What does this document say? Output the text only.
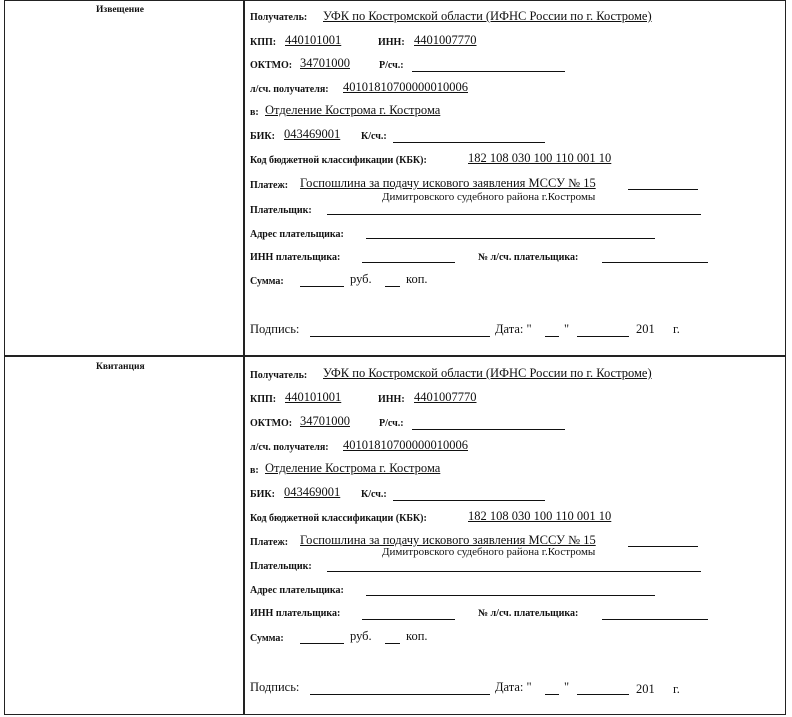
Извещение
Получатель: УФК по Костромской области (ИФНС России по г. Костроме)
КПП: 440101001	ИНН: 4401007770
ОКТМО: 34701000	Р/сч.:
л/сч. получателя: 40101810700000010006
в: Отделение Кострома г. Кострома
БИК: 043469001 К/сч.:
Код бюджетной классификации (КБК):	182 108 030 100 110 001 10
Платеж: Госпошлина за подачу искового заявления МССУ № 15
Димитровского судебного района г.Костромы
Плательщик:
Адрес плательщика:
ИНН плательщика:	№ л/сч. плательщика:
Сумма:	руб.	коп.
Подпись:	Дата: "	"	201 г.
Квитанция
Получатель: УФК по Костромской области (ИФНС России по г. Костроме)
КПП: 440101001	ИНН: 4401007770
ОКТМО: 34701000	Р/сч.:
л/сч. получателя: 40101810700000010006
в: Отделение Кострома г. Кострома
БИК: 043469001 К/сч.:
Код бюджетной классификации (КБК):	182 108 030 100 110 001 10
Платеж: Госпошлина за подачу искового заявления МССУ № 15
Димитровского судебного района г.Костромы
Плательщик:
Адрес плательщика:
ИНН плательщика:	№ л/сч. плательщика:
Сумма:	руб.	коп.
Подпись:	Дата: "	"	201 г.
